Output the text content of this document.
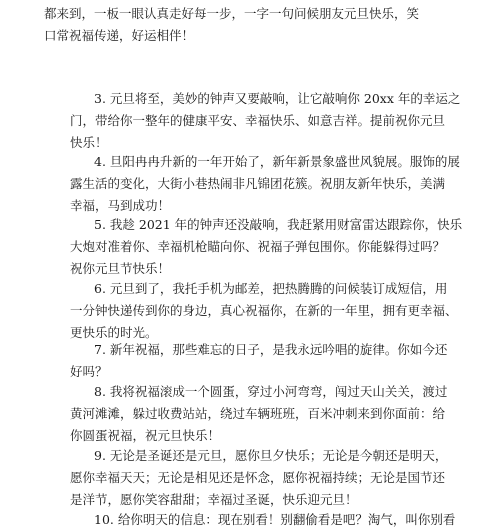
都来到，一板一眼认真走好每一步，一字一句问候朋友元旦快乐，笑
口常祝福传递，好运相伴！
3. 元旦将至，美妙的钟声又要敲响，让它敲响你 20xx 年的幸运之
门，带给你一整年的健康平安、幸福快乐、如意吉祥。提前祝你元旦
快乐！
4. 旦阳冉冉升新的一年开始了，新年新景象盛世风貌展。服饰的展
露生活的变化，大街小巷热闹非凡锦团花簇。祝朋友新年快乐，美满
幸福，马到成功！
5. 我趁 2021 年的钟声还没敲响，我赶紧用财富雷达跟踪你，快乐
大炮对准着你、幸福机枪瞄向你、祝福子弹包围你。你能躲得过吗？
祝你元旦节快乐！
6. 元旦到了，我托手机为邮差，把热腾腾的问候装订成短信，用
一分钟快递传到你的身边，真心祝福你，在新的一年里，拥有更幸福、
更快乐的时光。
7. 新年祝福，那些难忘的日子，是我永远吟唱的旋律。你如今还
好吗？
8. 我将祝福滚成一个圆蛋，穿过小河弯弯，闯过天山关关，渡过
黄河滩滩，躲过收费站站，绕过车辆班班，百米冲刺来到你面前：给
你圆蛋祝福，祝元旦快乐！
9. 无论是圣诞还是元旦，愿你旦夕快乐；无论是今朝还是明天，
愿你幸福天天；无论是相见还是怀念，愿你祝福持续；无论是国节还
是洋节，愿你笑容甜甜；幸福过圣诞，快乐迎元旦！
10. 给你明天的信息：现在别看！别翻偷看是吧？淘气，叫你别看
